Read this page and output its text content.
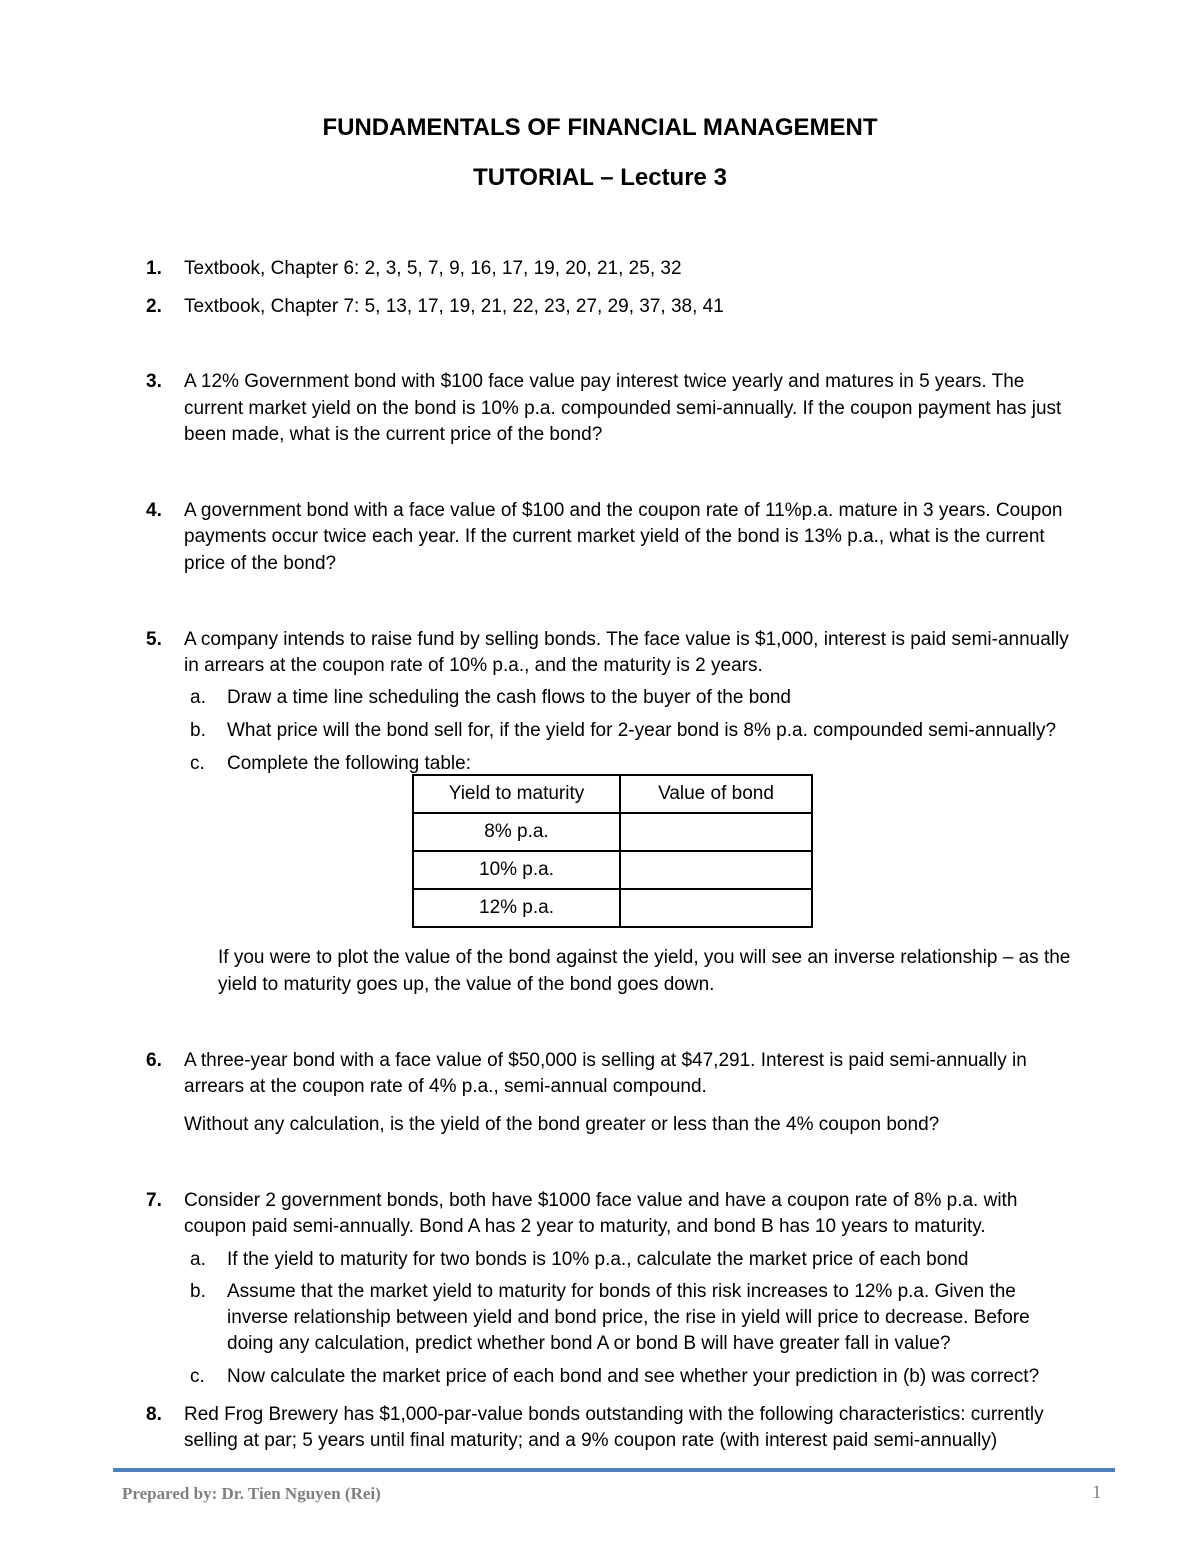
FUNDAMENTALS OF FINANCIAL MANAGEMENT
TUTORIAL – Lecture 3
1. Textbook, Chapter 6: 2, 3, 5, 7, 9, 16, 17, 19, 20, 21, 25, 32
2. Textbook, Chapter 7: 5, 13, 17, 19, 21, 22, 23, 27, 29, 37, 38, 41
3. A 12% Government bond with $100 face value pay interest twice yearly and matures in 5 years. The
current market yield on the bond is 10% p.a. compounded semi-annually. If the coupon payment has just
been made, what is the current price of the bond?
4. A government bond with a face value of $100 and the coupon rate of 11%p.a. mature in 3 years. Coupon
payments occur twice each year. If the current market yield of the bond is 13% p.a., what is the current
price of the bond?
5. A company intends to raise fund by selling bonds. The face value is $1,000, interest is paid semi-annually
in arrears at the coupon rate of 10% p.a., and the maturity is 2 years.
a. Draw a time line scheduling the cash flows to the buyer of the bond
b. What price will the bond sell for, if the yield for 2-year bond is 8% p.a. compounded semi-annually?
c. Complete the following table:
Yield to maturity	Value of bond
8% p.a.	
10% p.a.	
12% p.a.	
If you were to plot the value of the bond against the yield, you will see an inverse relationship – as the
yield to maturity goes up, the value of the bond goes down.
6. A three-year bond with a face value of $50,000 is selling at $47,291. Interest is paid semi-annually in
arrears at the coupon rate of 4% p.a., semi-annual compound.
Without any calculation, is the yield of the bond greater or less than the 4% coupon bond?
7. Consider 2 government bonds, both have $1000 face value and have a coupon rate of 8% p.a. with
coupon paid semi-annually. Bond A has 2 year to maturity, and bond B has 10 years to maturity.
a. If the yield to maturity for two bonds is 10% p.a., calculate the market price of each bond
b. Assume that the market yield to maturity for bonds of this risk increases to 12% p.a. Given the
inverse relationship between yield and bond price, the rise in yield will price to decrease. Before
doing any calculation, predict whether bond A or bond B will have greater fall in value?
c. Now calculate the market price of each bond and see whether your prediction in (b) was correct?
8. Red Frog Brewery has $1,000-par-value bonds outstanding with the following characteristics: currently
selling at par; 5 years until final maturity; and a 9% coupon rate (with interest paid semi-annually)
Prepared by: Dr. Tien Nguyen (Rei)	1
